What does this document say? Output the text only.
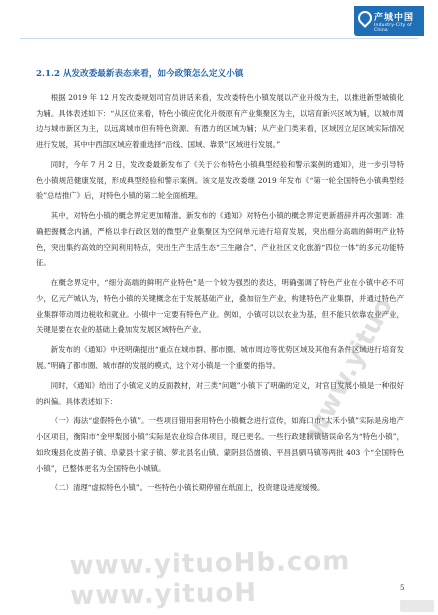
产城中国
Industry-City of China
2.1.2 从发改委最新表态来看，如今政策怎么定义小镇

根据 2019 年 12 月发改委规划司官员讲话来看，发改委特色小镇发展以产业升级为主，以推进新型城镇化为辅。具体表述如下：“从区位来看，特色小镇应优化升级原有产业集聚区为主，以培育新兴区域为辅，以城市周边与城市新区为主，以远离城市但有特色资源、有潜力的区域为辅；从产业门类来看，区域因立足区域实际情况进行发展，其中中西部区域应着重选择“沿线、国域、靠景”区域进行发展。”

同时，今年 7 月 2 日，发改委最新发布了《关于公布特色小镇典型经验和警示案例的通知》，进一步引导特色小镇规范健康发展，形成典型经验和警示案例。该文是发改委继 2019 年发布《“第一轮全国特色小镇典型经验”总结推广》后，对特色小镇的第二轮全面梳理。

其中，对特色小镇的概念界定更加精准。新发布的《通知》对特色小镇的概念界定更新措辞并再次强调：准确把握概念内涵，严格以非行政区划的微型产业集聚区为空间单元进行培育发展，突出细分高端的鲜明产业特色，突出集约高效的空间利用特点，突出生产生活生态“三生融合”、产业社区文化旅游“四位一体”的多元功能特征。

在概念界定中，“细分高端的鲜明产业特色”是一个较为强烈的表达，明确强调了特色产业在小镇中必不可少，亿元产城认为，特色小镇的关键概念在于发展基础产业，叠加衍生产业，构建特色产业集群，并通过特色产业集群带动周边税收和就业。小镇中一定要有特色产业。例如，小镇可以以农业为基，但不能只依靠农业产业，关键是要在农业的基础上叠加发发展区域特色产业。

新发布的《通知》中还明确提出“重点在城市群、都市圈、城市周边等优势区域及其他有条件区域进行培育发展。”明确了都市圈、城市群的发展的模式，这个对小镇是一个重要的指导。

同时，《通知》给出了小镇定义的反面教材，对三类“问题”小镇下了明确的定义，对官目发展小镇是一种很好的纠偏。具体表述如下：

（一）海法“虚假特色小镇”。一些项目错用套用特色小镇概念进行宣传，如海口市“太禾小镇”实际是房地产小区项目，衡阳市“金甲梨园小镇”实际是农业综合体项目，现已更名。一些行政建制镇错误命名为“特色小镇”，如玫瑰县化皮菌子镇、阜蒙县十家子镇、萝北县名山镇、蒙阴县岱崮镇、平昌县驷马镇等两批 403 个“全国特色小镇”，已整体更名为全国特色小城镇。

（二）清理“虚拟特色小镇”。一些特色小镇长期停留在纸面上，投资建设进度缓慢。

www.yituo
www.yituoHb.com www.yituoH	5
